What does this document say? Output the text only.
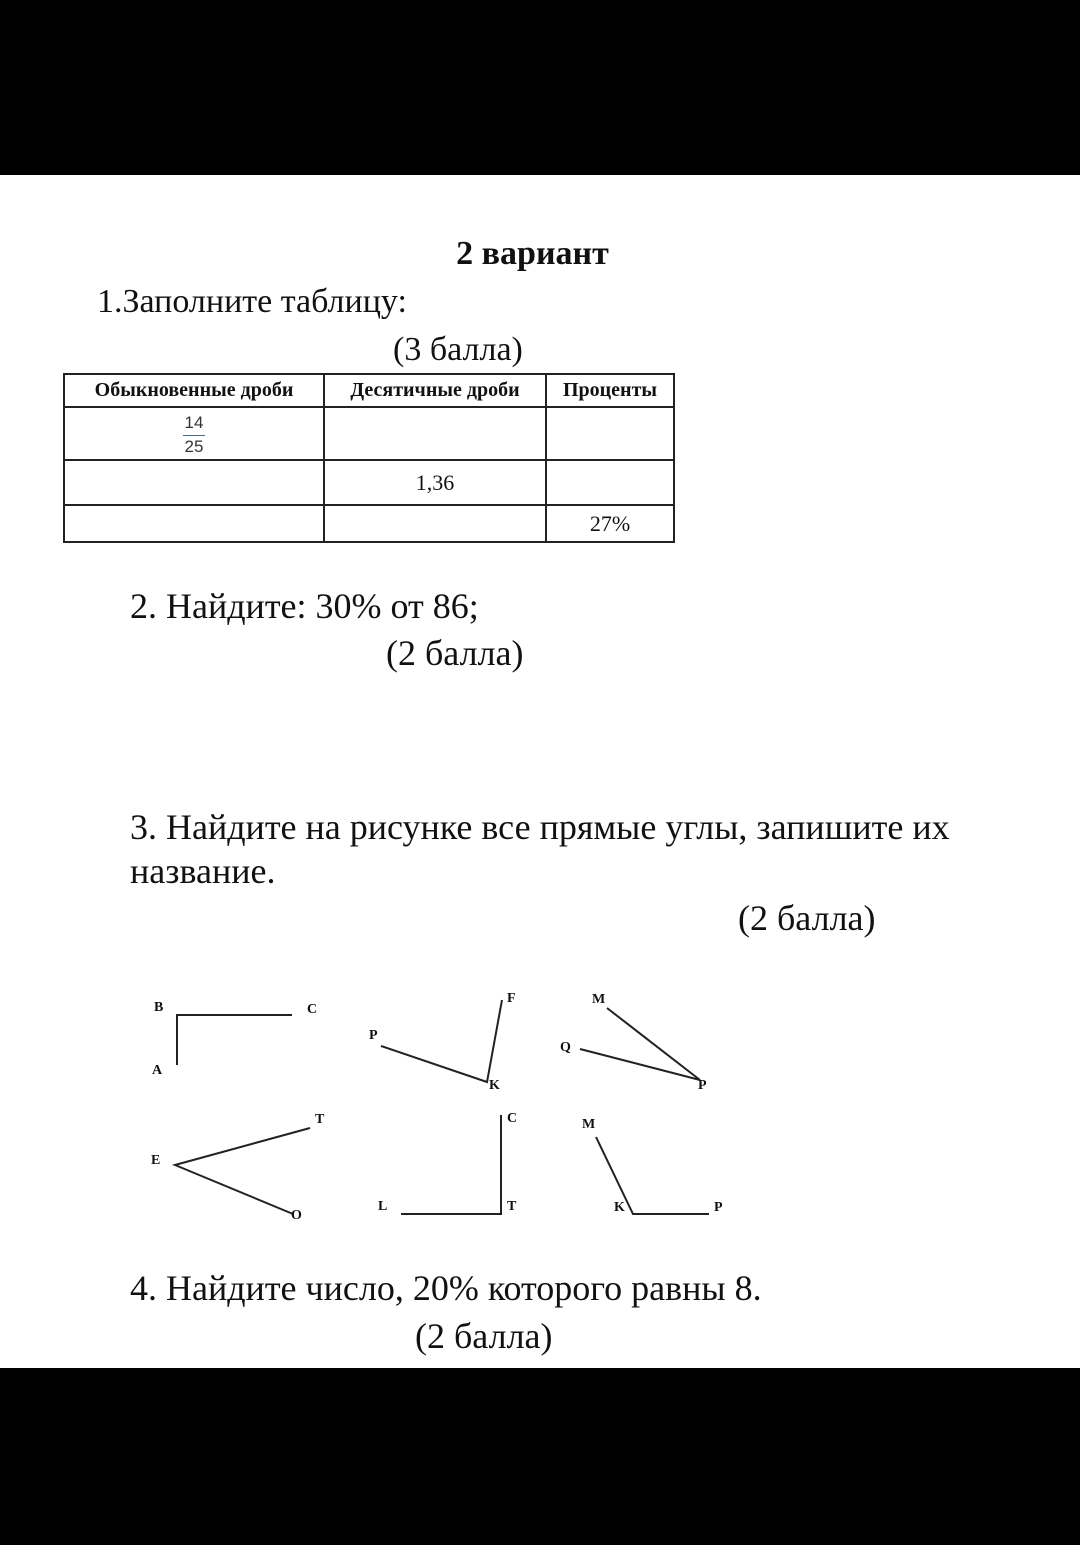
2 вариант
1.Заполните таблицу:
(3 балла)
Обыкновенные дроби	Десятичные дроби	Проценты

$\frac{14}{25}$

	1,36	
		27%
2. Найдите: 30% от 86;
(2 балла)
3. Найдите на рисунке все прямые углы, запишите их
название.
(2 балла)
B	C
A
F
P
K
M
Q
P
T
E
O
C
L	T
M
K	P
4. Найдите число, 20% которого равны 8.
(2 балла)
